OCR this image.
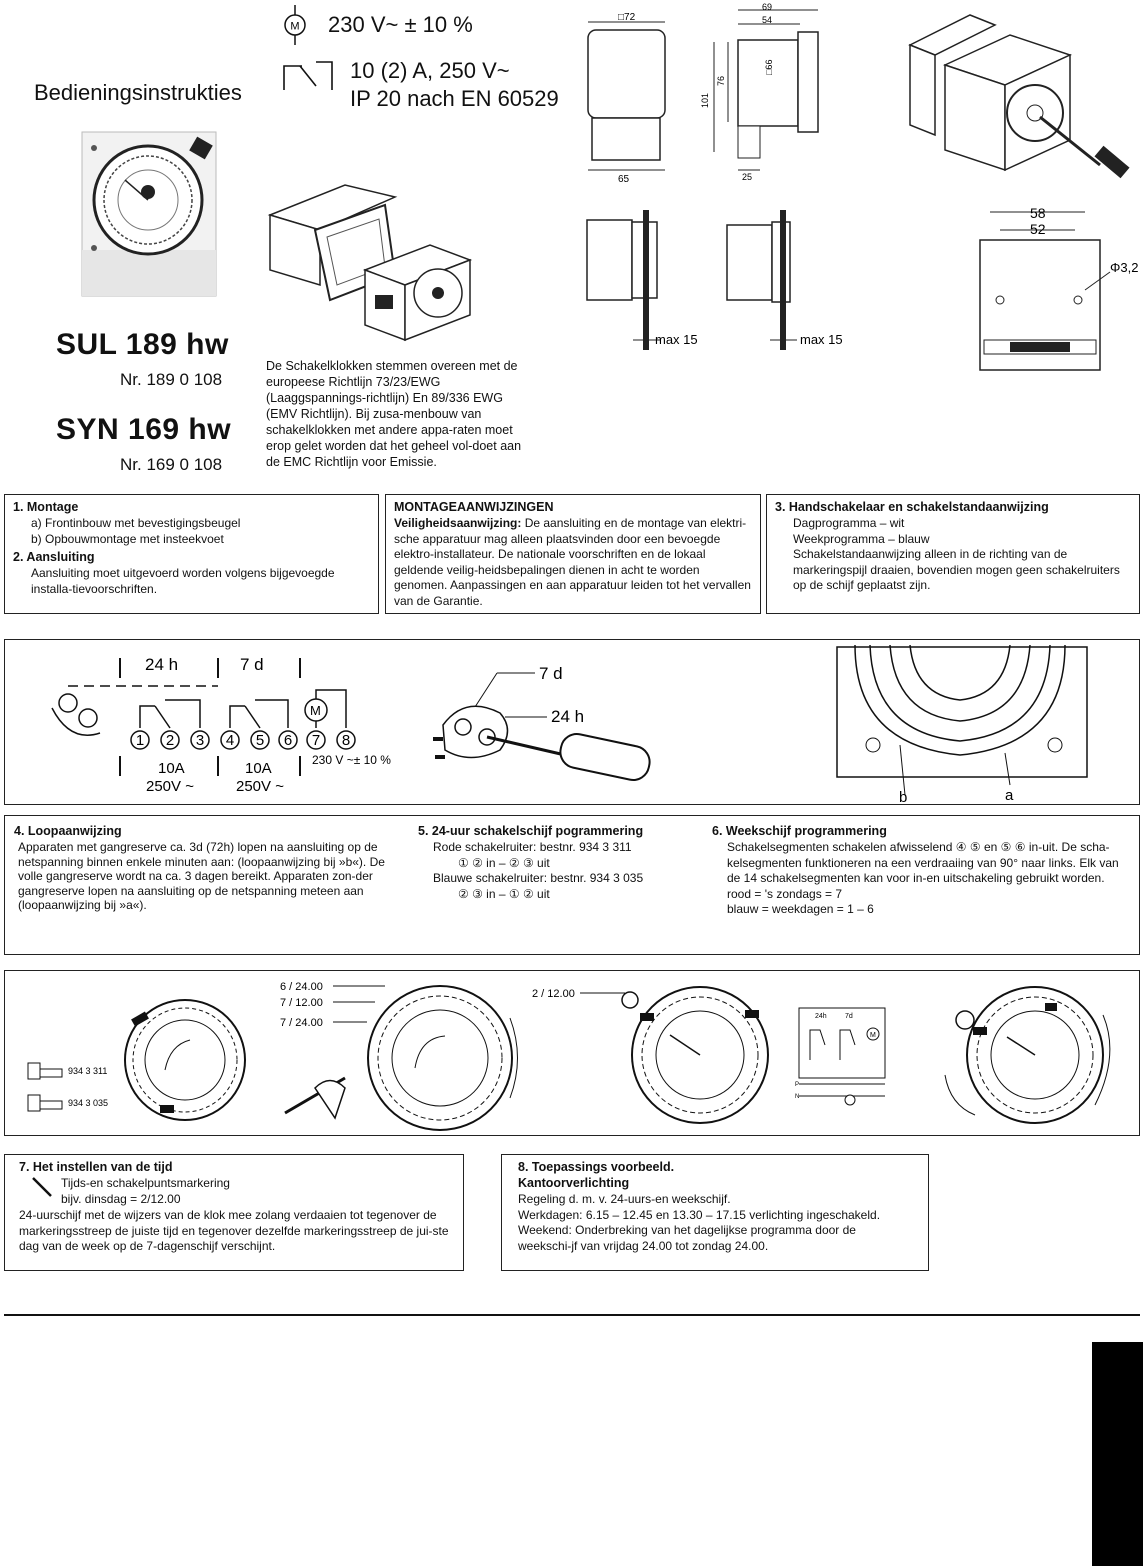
Bedieningsinstrukties
M 230 V~ ± 10 %
10 (2) A, 250 V~
IP 20 nach EN 60529
SUL 189 hw
Nr. 189 0 108
SYN 169 hw
Nr. 169 0 108
De Schakelklokken stemmen overeen met de europeese Richtlijn 73/23/EWG (Laaggspannings-richtlijn) En 89/336 EWG (EMV Richtlijn). Bij zusa-menbouw van schakelklokken met andere appa-raten moet erop gelet worden dat het geheel vol-doet aan de EMC Richtlijn voor Emissie.
□72
65
69
54
101
76
□66
25
max 15	max 15
58
52
Φ3,2
1. Montage
a) Frontinbouw met bevestigingsbeugel
b) Opbouwmontage met insteekvoet
2. Aansluiting
Aansluiting moet uitgevoerd worden volgens bijgevoegde installa-tievoorschriften.
MONTAGEAANWIJZINGEN
Veiligheidsaanwijzing: De aansluiting en de montage van elektri-sche apparatuur mag alleen plaatsvinden door een bevoegde elektro-installateur. De nationale voorschriften en de lokaal geldende veilig-heidsbepalingen dienen in acht te worden genomen. Aanpassingen en aan apparatuur leiden tot het vervallen van de Garantie.
3. Handschakelaar en schakelstandaanwijzing
Dagprogramma – wit
Weekprogramma – blauw
Schakelstandaanwijzing alleen in de richting van de markeringspijl draaien, bovendien mogen geen schakelruiters op de schijf geplaatst zijn.
24 h	7 d
M
1 2 3 4 5 6 7 8
10A
250V ~
10A
250V ~
230 V ~± 10 %
7 d
24 h
b	a
4. Loopaanwijzing
Apparaten met gangreserve ca. 3d (72h) lopen na aansluiting op de netspanning binnen enkele minuten aan: (loopaanwijzing bij »b«). De volle gangreserve wordt na ca. 3 dagen bereikt. Apparaten zon-der gangreserve lopen na aansluiting op de netspanning meteen aan (loopaanwijzing bij »a«).
5. 24-uur schakelschijf pogrammering
Rode schakelruiter: bestnr. 934 3 311
① ② in – ② ③ uit
Blauwe schakelruiter: bestnr. 934 3 035
② ③ in – ① ② uit
6. Weekschijf programmering
Schakelsegmenten schakelen afwisselend ④ ⑤ en ⑤ ⑥ in-uit. De scha-kelsegmenten funktioneren na een verdraaiing van 90° naar links. Elk van de 14 schakelsegmenten kan voor in-en uitschakeling gebruikt worden.
rood = 's zondags = 7
blauw = weekdagen = 1 – 6
934 3 311
934 3 035
6 / 24.00
7 / 12.00
7 / 24.00
2 / 12.00
24h	7d
M
P
N
7. Het instellen van de tijd
Tijds-en schakelpuntsmarkering
bijv. dinsdag = 2/12.00
24-uurschijf met de wijzers van de klok mee zolang verdaaien tot tegenover de markeringsstreep de juiste tijd en tegenover dezelfde markeringsstreep de jui-ste dag van de week op de 7-dagenschijf verschijnt.
8. Toepassings voorbeeld.
Kantoorverlichting
Regeling d. m. v. 24-uurs-en weekschijf.
Werkdagen: 6.15 – 12.45 en 13.30 – 17.15 verlichting ingeschakeld.
Weekend: Onderbreking van het dagelijkse programma door de weekschi-jf van vrijdag 24.00 tot zondag 24.00.
